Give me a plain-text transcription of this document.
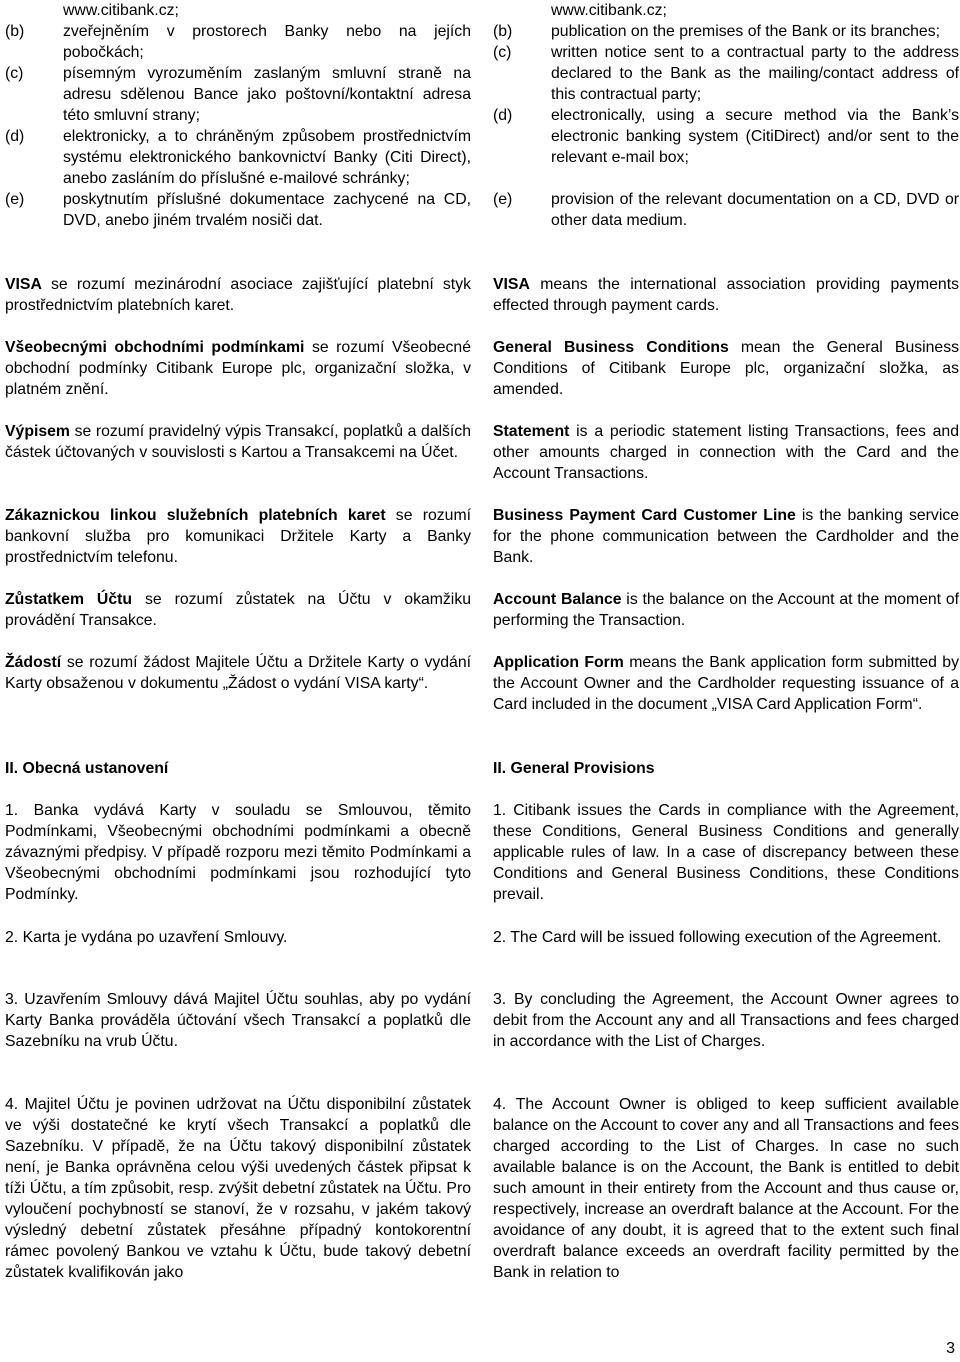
www.citibank.cz;
(b)	zveřejněním v prostorech Banky nebo na jejích pobočkách;
(c)	písemným vyrozuměním zaslaným smluvní straně na adresu sdělenou Bance jako poštovní/kontaktní adresa této smluvní strany;
(d)	elektronicky, a to chráněným způsobem prostřednictvím systému elektronického bankovnictví Banky (Citi Direct), anebo zasláním do příslušné e-mailové schránky;
(e)	poskytnutím příslušné dokumentace zachycené na CD, DVD, anebo jiném trvalém nosiči dat.

VISA se rozumí mezinárodní asociace zajišťující platební styk prostřednictvím platebních karet.

Všeobecnými obchodními podmínkami se rozumí Všeobecné obchodní podmínky Citibank Europe plc, organizační složka, v platném znění.

Výpisem se rozumí pravidelný výpis Transakcí, poplatků a dalších částek účtovaných v souvislosti s Kartou a Transakcemi na Účet.

Zákaznickou linkou služebních platebních karet se rozumí bankovní služba pro komunikaci Držitele Karty a Banky prostřednictvím telefonu.

Zůstatkem Účtu se rozumí zůstatek na Účtu v okamžiku provádění Transakce.

Žádostí se rozumí žádost Majitele Účtu a Držitele Karty o vydání Karty obsaženou v dokumentu „Žádost o vydání VISA karty“.

II. Obecná ustanovení

1. Banka vydává Karty v souladu se Smlouvou, těmito Podmínkami, Všeobecnými obchodními podmínkami a obecně závaznými předpisy. V případě rozporu mezi těmito Podmínkami a Všeobecnými obchodními podmínkami jsou rozhodující tyto Podmínky.

2. Karta je vydána po uzavření Smlouvy.

3. Uzavřením Smlouvy dává Majitel Účtu souhlas, aby po vydání Karty Banka prováděla účtování všech Transakcí a poplatků dle Sazebníku na vrub Účtu.

4. Majitel Účtu je povinen udržovat na Účtu disponibilní zůstatek ve výši dostatečné ke krytí všech Transakcí a poplatků dle Sazebníku. V případě, že na Účtu takový disponibilní zůstatek není, je Banka oprávněna celou výši uvedených částek připsat k tíži Účtu, a tím způsobit, resp. zvýšit debetní zůstatek na Účtu. Pro vyloučení pochybností se stanoví, že v rozsahu, v jakém takový výsledný debetní zůstatek přesáhne případný kontokorentní rámec povolený Bankou ve vztahu k Účtu, bude takový debetní zůstatek kvalifikován jako

www.citibank.cz;
(b)	publication on the premises of the Bank or its branches;
(c)	written notice sent to a contractual party to the address declared to the Bank as the mailing/contact address of this contractual party;
(d)	electronically, using a secure method via the Bank’s electronic banking system (CitiDirect) and/or sent to the relevant e-mail box;
(e)	provision of the relevant documentation on a CD, DVD or other data medium.

VISA means the international association providing payments effected through payment cards.

General Business Conditions mean the General Business Conditions of Citibank Europe plc, organizační složka, as amended.

Statement is a periodic statement listing Transactions, fees and other amounts charged in connection with the Card and the Account Transactions.

Business Payment Card Customer Line is the banking service for the phone communication between the Cardholder and the Bank.

Account Balance is the balance on the Account at the moment of performing the Transaction.

Application Form means the Bank application form submitted by the Account Owner and the Cardholder requesting issuance of a Card included in the document „VISA Card Application Form“.

II. General Provisions

1. Citibank issues the Cards in compliance with the Agreement, these Conditions, General Business Conditions and generally applicable rules of law. In a case of discrepancy between these Conditions and General Business Conditions, these Conditions prevail.

2. The Card will be issued following execution of the Agreement.

3. By concluding the Agreement, the Account Owner agrees to debit from the Account any and all Transactions and fees charged in accordance with the List of Charges.

4. The Account Owner is obliged to keep sufficient available balance on the Account to cover any and all Transactions and fees charged according to the List of Charges. In case no such available balance is on the Account, the Bank is entitled to debit such amount in their entirety from the Account and thus cause or, respectively, increase an overdraft balance at the Account. For the avoidance of any doubt, it is agreed that to the extent such final overdraft balance exceeds an overdraft facility permitted by the Bank in relation to

3
